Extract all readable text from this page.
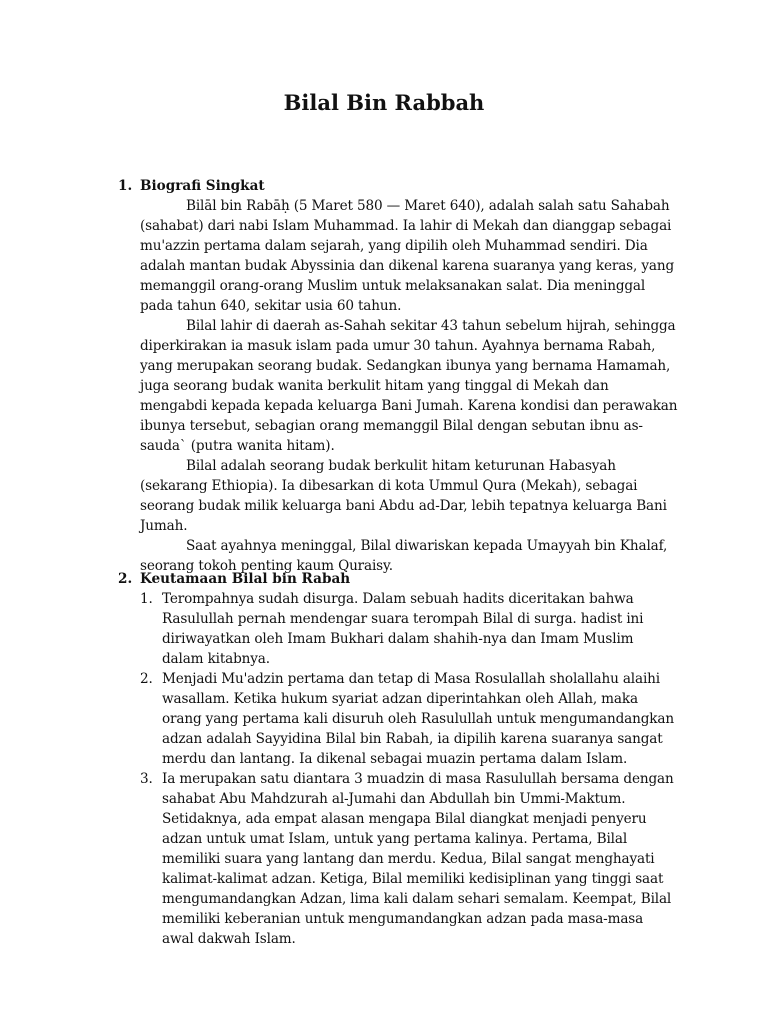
Bilal Bin Rabbah
1. Biografi Singkat

Bilāl bin Rabāḥ (5 Maret 580 — Maret 640), adalah salah satu Sahabah (sahabat) dari nabi Islam Muhammad. Ia lahir di Mekah dan dianggap sebagai mu'azzin pertama dalam sejarah, yang dipilih oleh Muhammad sendiri. Dia adalah mantan budak Abyssinia dan dikenal karena suaranya yang keras, yang memanggil orang-orang Muslim untuk melaksanakan salat. Dia meninggal pada tahun 640, sekitar usia 60 tahun.

Bilal lahir di daerah as-Sahah sekitar 43 tahun sebelum hijrah, sehingga diperkirakan ia masuk islam pada umur 30 tahun. Ayahnya bernama Rabah, yang merupakan seorang budak. Sedangkan ibunya yang bernama Hamamah, juga seorang budak wanita berkulit hitam yang tinggal di Mekah dan mengabdi kepada kepada keluarga Bani Jumah. Karena kondisi dan perawakan ibunya tersebut, sebagian orang memanggil Bilal dengan sebutan ibnu as-sauda` (putra wanita hitam).

Bilal adalah seorang budak berkulit hitam keturunan Habasyah (sekarang Ethiopia). Ia dibesarkan di kota Ummul Qura (Mekah), sebagai seorang budak milik keluarga bani Abdu ad-Dar, lebih tepatnya keluarga Bani Jumah.

Saat ayahnya meninggal, Bilal diwariskan kepada Umayyah bin Khalaf, seorang tokoh penting kaum Quraisy.

2. Keutamaan Bilal bin Rabah
1. Terompahnya sudah disurga. Dalam sebuah hadits diceritakan bahwa Rasulullah pernah mendengar suara terompah Bilal di surga. hadist ini diriwayatkan oleh Imam Bukhari dalam shahih-nya dan Imam Muslim dalam kitabnya.
2. Menjadi Mu'adzin pertama dan tetap di Masa Rosulallah sholallahu alaihi wasallam. Ketika hukum syariat adzan diperintahkan oleh Allah, maka orang yang pertama kali disuruh oleh Rasulullah untuk mengumandangkan adzan adalah Sayyidina Bilal bin Rabah, ia dipilih karena suaranya sangat merdu dan lantang. Ia dikenal sebagai muazin pertama dalam Islam.
3. Ia merupakan satu diantara 3 muadzin di masa Rasulullah bersama dengan sahabat Abu Mahdzurah al-Jumahi dan Abdullah bin Ummi-Maktum. Setidaknya, ada empat alasan mengapa Bilal diangkat menjadi penyeru adzan untuk umat Islam, untuk yang pertama kalinya. Pertama, Bilal memiliki suara yang lantang dan merdu. Kedua, Bilal sangat menghayati kalimat-kalimat adzan. Ketiga, Bilal memiliki kedisiplinan yang tinggi saat mengumandangkan Adzan, lima kali dalam sehari semalam. Keempat, Bilal memiliki keberanian untuk mengumandangkan adzan pada masa-masa awal dakwah Islam.
